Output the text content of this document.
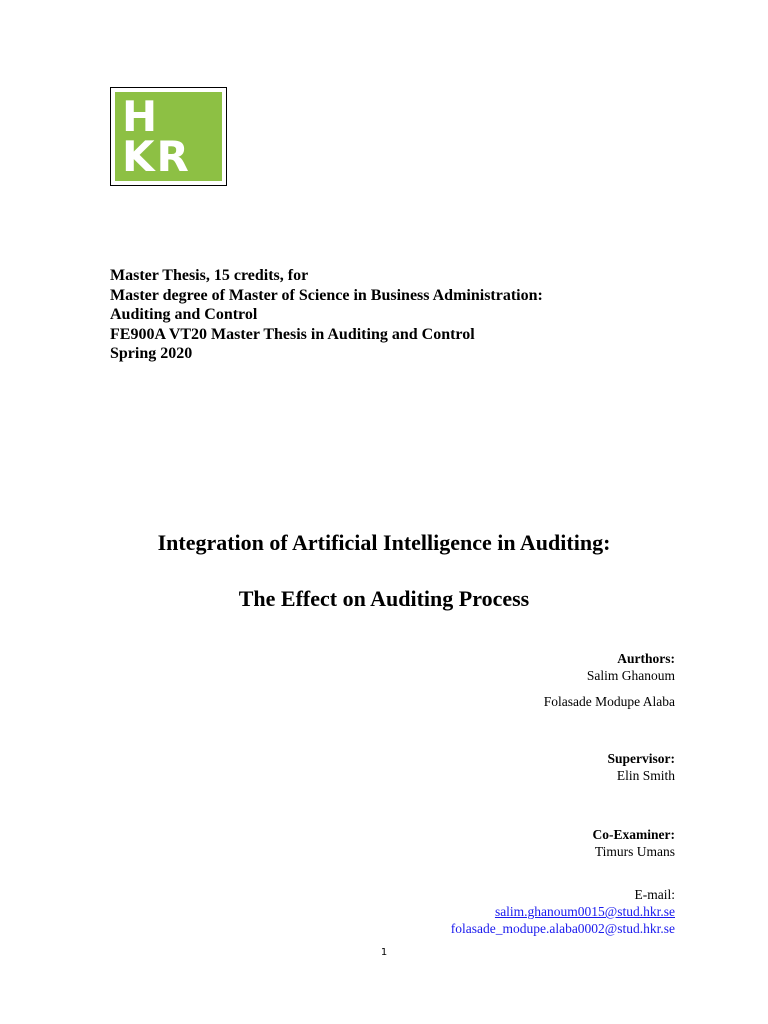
H
KR
Master Thesis, 15 credits, for
Master degree of Master of Science in Business Administration:
Auditing and Control
FE900A VT20 Master Thesis in Auditing and Control
Spring 2020
Integration of Artificial Intelligence in Auditing:
The Effect on Auditing Process
Aurthors:
Salim Ghanoum
Folasade Modupe Alaba
Supervisor:
Elin Smith
Co-Examiner:
Timurs Umans
E-mail:
salim.ghanoum0015@stud.hkr.se
folasade_modupe.alaba0002@stud.hkr.se
1
